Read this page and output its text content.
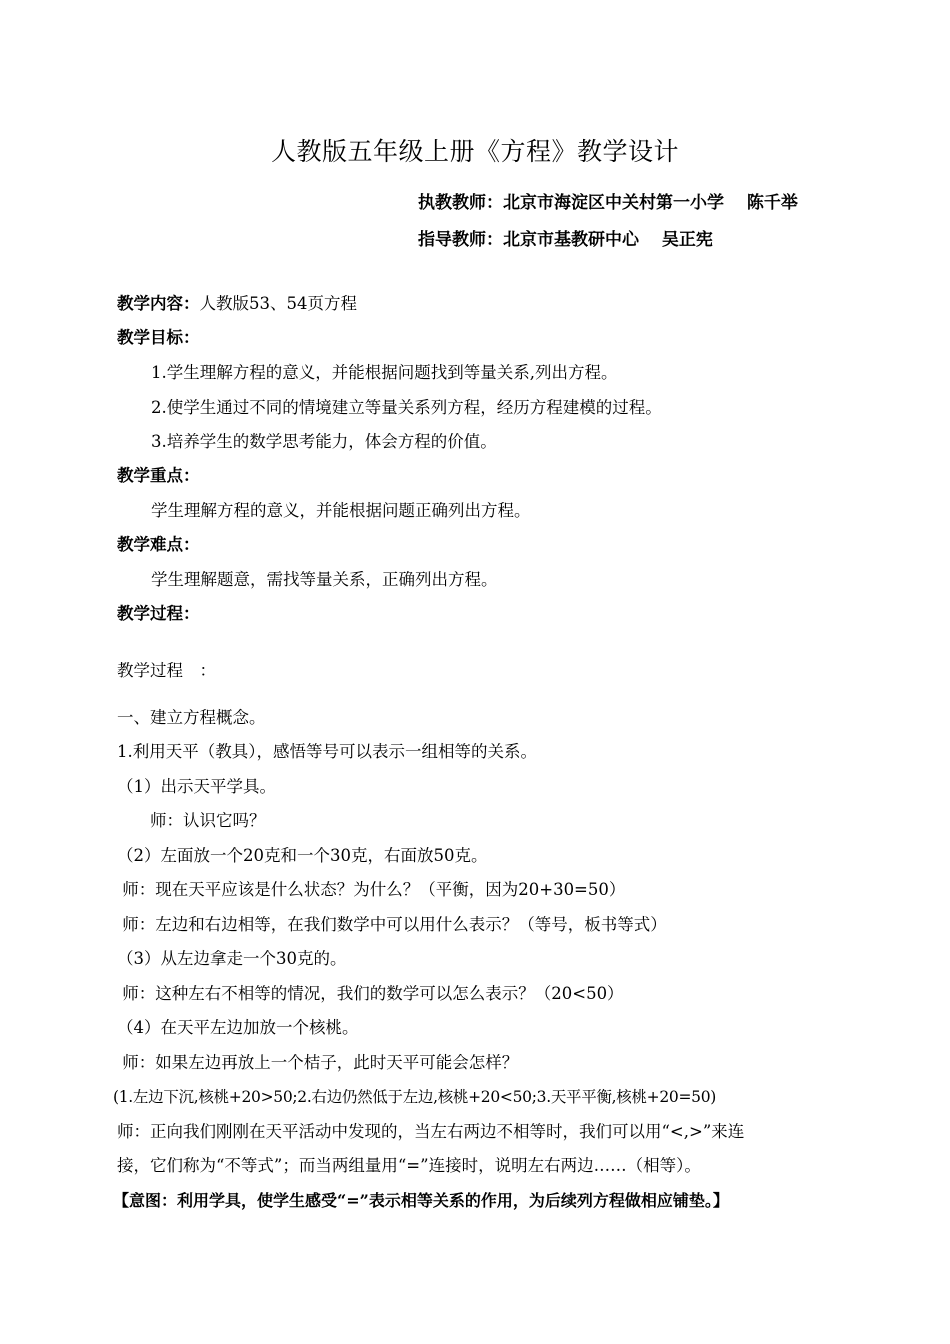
人教版五年级上册《方程》教学设计
执教教师：北京市海淀区中关村第一小学　 陈千举
指导教师：北京市基教研中心　 吴正宪
教学内容：人教版53、54页方程
教学目标：
1.学生理解方程的意义，并能根据问题找到等量关系,列出方程。
2.使学生通过不同的情境建立等量关系列方程，经历方程建模的过程。
3.培养学生的数学思考能力，体会方程的价值。
教学重点：
学生理解方程的意义，并能根据问题正确列出方程。
教学难点：
学生理解题意，需找等量关系，正确列出方程。
教学过程：
教学过程　：
一、建立方程概念。
1.利用天平（教具），感悟等号可以表示一组相等的关系。
（1）出示天平学具。
　　师：认识它吗？
（2）左面放一个20克和一个30克，右面放50克。
师：现在天平应该是什么状态？为什么？（平衡，因为20+30=50）
师：左边和右边相等，在我们数学中可以用什么表示？（等号，板书等式）
（3）从左边拿走一个30克的。
师：这种左右不相等的情况，我们的数学可以怎么表示？（20<50）
（4）在天平左边加放一个核桃。
师：如果左边再放上一个桔子，此时天平可能会怎样？
(1.左边下沉,核桃+20>50;2.右边仍然低于左边,核桃+20<50;3.天平平衡,核桃+20=50)
师：正向我们刚刚在天平活动中发现的，当左右两边不相等时，我们可以用“<,>”来连
接，它们称为“不等式”；而当两组量用“=”连接时，说明左右两边……（相等）。
【意图：利用学具，使学生感受“=”表示相等关系的作用，为后续列方程做相应铺垫。】
